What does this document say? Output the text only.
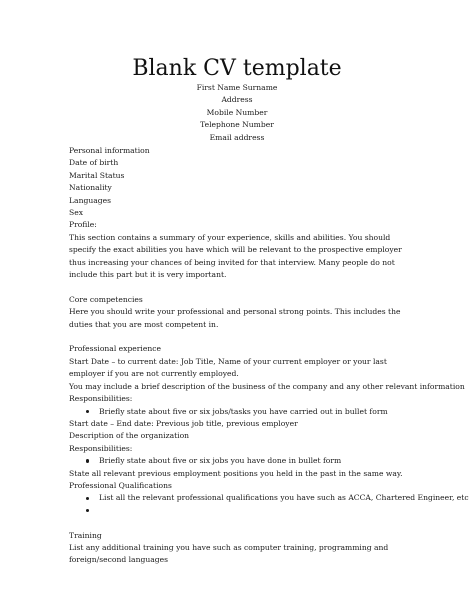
Blank CV template
First Name Surname
Address
Mobile Number
Telephone Number
Email address
Personal information
Date of birth
Marital Status
Nationality
Languages
Sex
Profile:
This section contains a summary of your experience, skills and abilities. You should specify the exact abilities you have which will be relevant to the prospective employer thus increasing your chances of being invited for that interview. Many people do not include this part but it is very important.
Core competencies
Here you should write your professional and personal strong points. This includes the duties that you are most competent in.
Professional experience
Start Date – to current date: Job Title, Name of your current employer or your last employer if you are not currently employed.
You may include a brief description of the business of the company and any other relevant information
Responsibilities:
Briefly state about five or six jobs/tasks you have carried out in bullet form
Start date – End date: Previous job title, previous employer
Description of the organization
Responsibilities:
Briefly state about five or six jobs you have done in bullet form
State all relevant previous employment positions you held in the past in the same way.
Professional Qualifications
List all the relevant professional qualifications you have such as ACCA, Chartered Engineer, etc
Training
List any additional training you have such as computer training, programming and foreign/second languages
